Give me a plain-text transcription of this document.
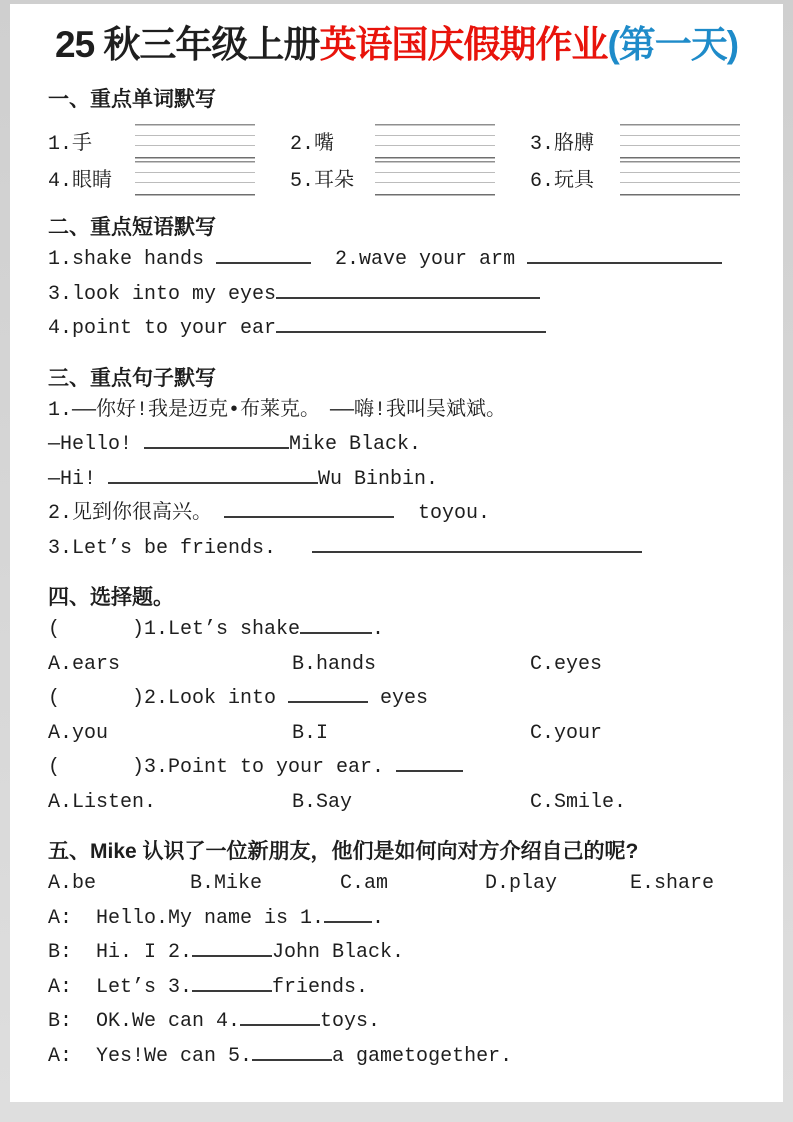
25 秋三年级上册英语国庆假期作业(第一天)
一、重点单词默写
1.手	2.嘴	3.胳膊
4.眼睛	5.耳朵	6.玩具
二、重点短语默写
1.shake hands	2.wave your arm
3.look into my eyes
4.point to your ear
三、重点句子默写
1.——你好!我是迈克•布莱克。　——嗨!我叫吴斌斌。
—Hello!	Mike Black.
—Hi!	Wu Binbin.
2.见到你很高兴。	toyou.
3.Let’s be friends.
四、选择题。
(      )1.Let’s shake	.
A.ears	B.hands	C.eyes
(      )2.Look into	eyes
A.you	B.I	C.your
(      )3.Point to your ear.
A.Listen.	B.Say	C.Smile.
五、Mike 认识了一位新朋友，他们是如何向对方介绍自己的呢?
A.be	B.Mike	C.am	D.play	E.share
A:  Hello.My name is 1. .
B:  Hi. I 2.	John Black.
A:  Let’s 3.	friends.
B:  OK.We can 4.	toys.
A:  Yes!We can 5.	a gametogether.
